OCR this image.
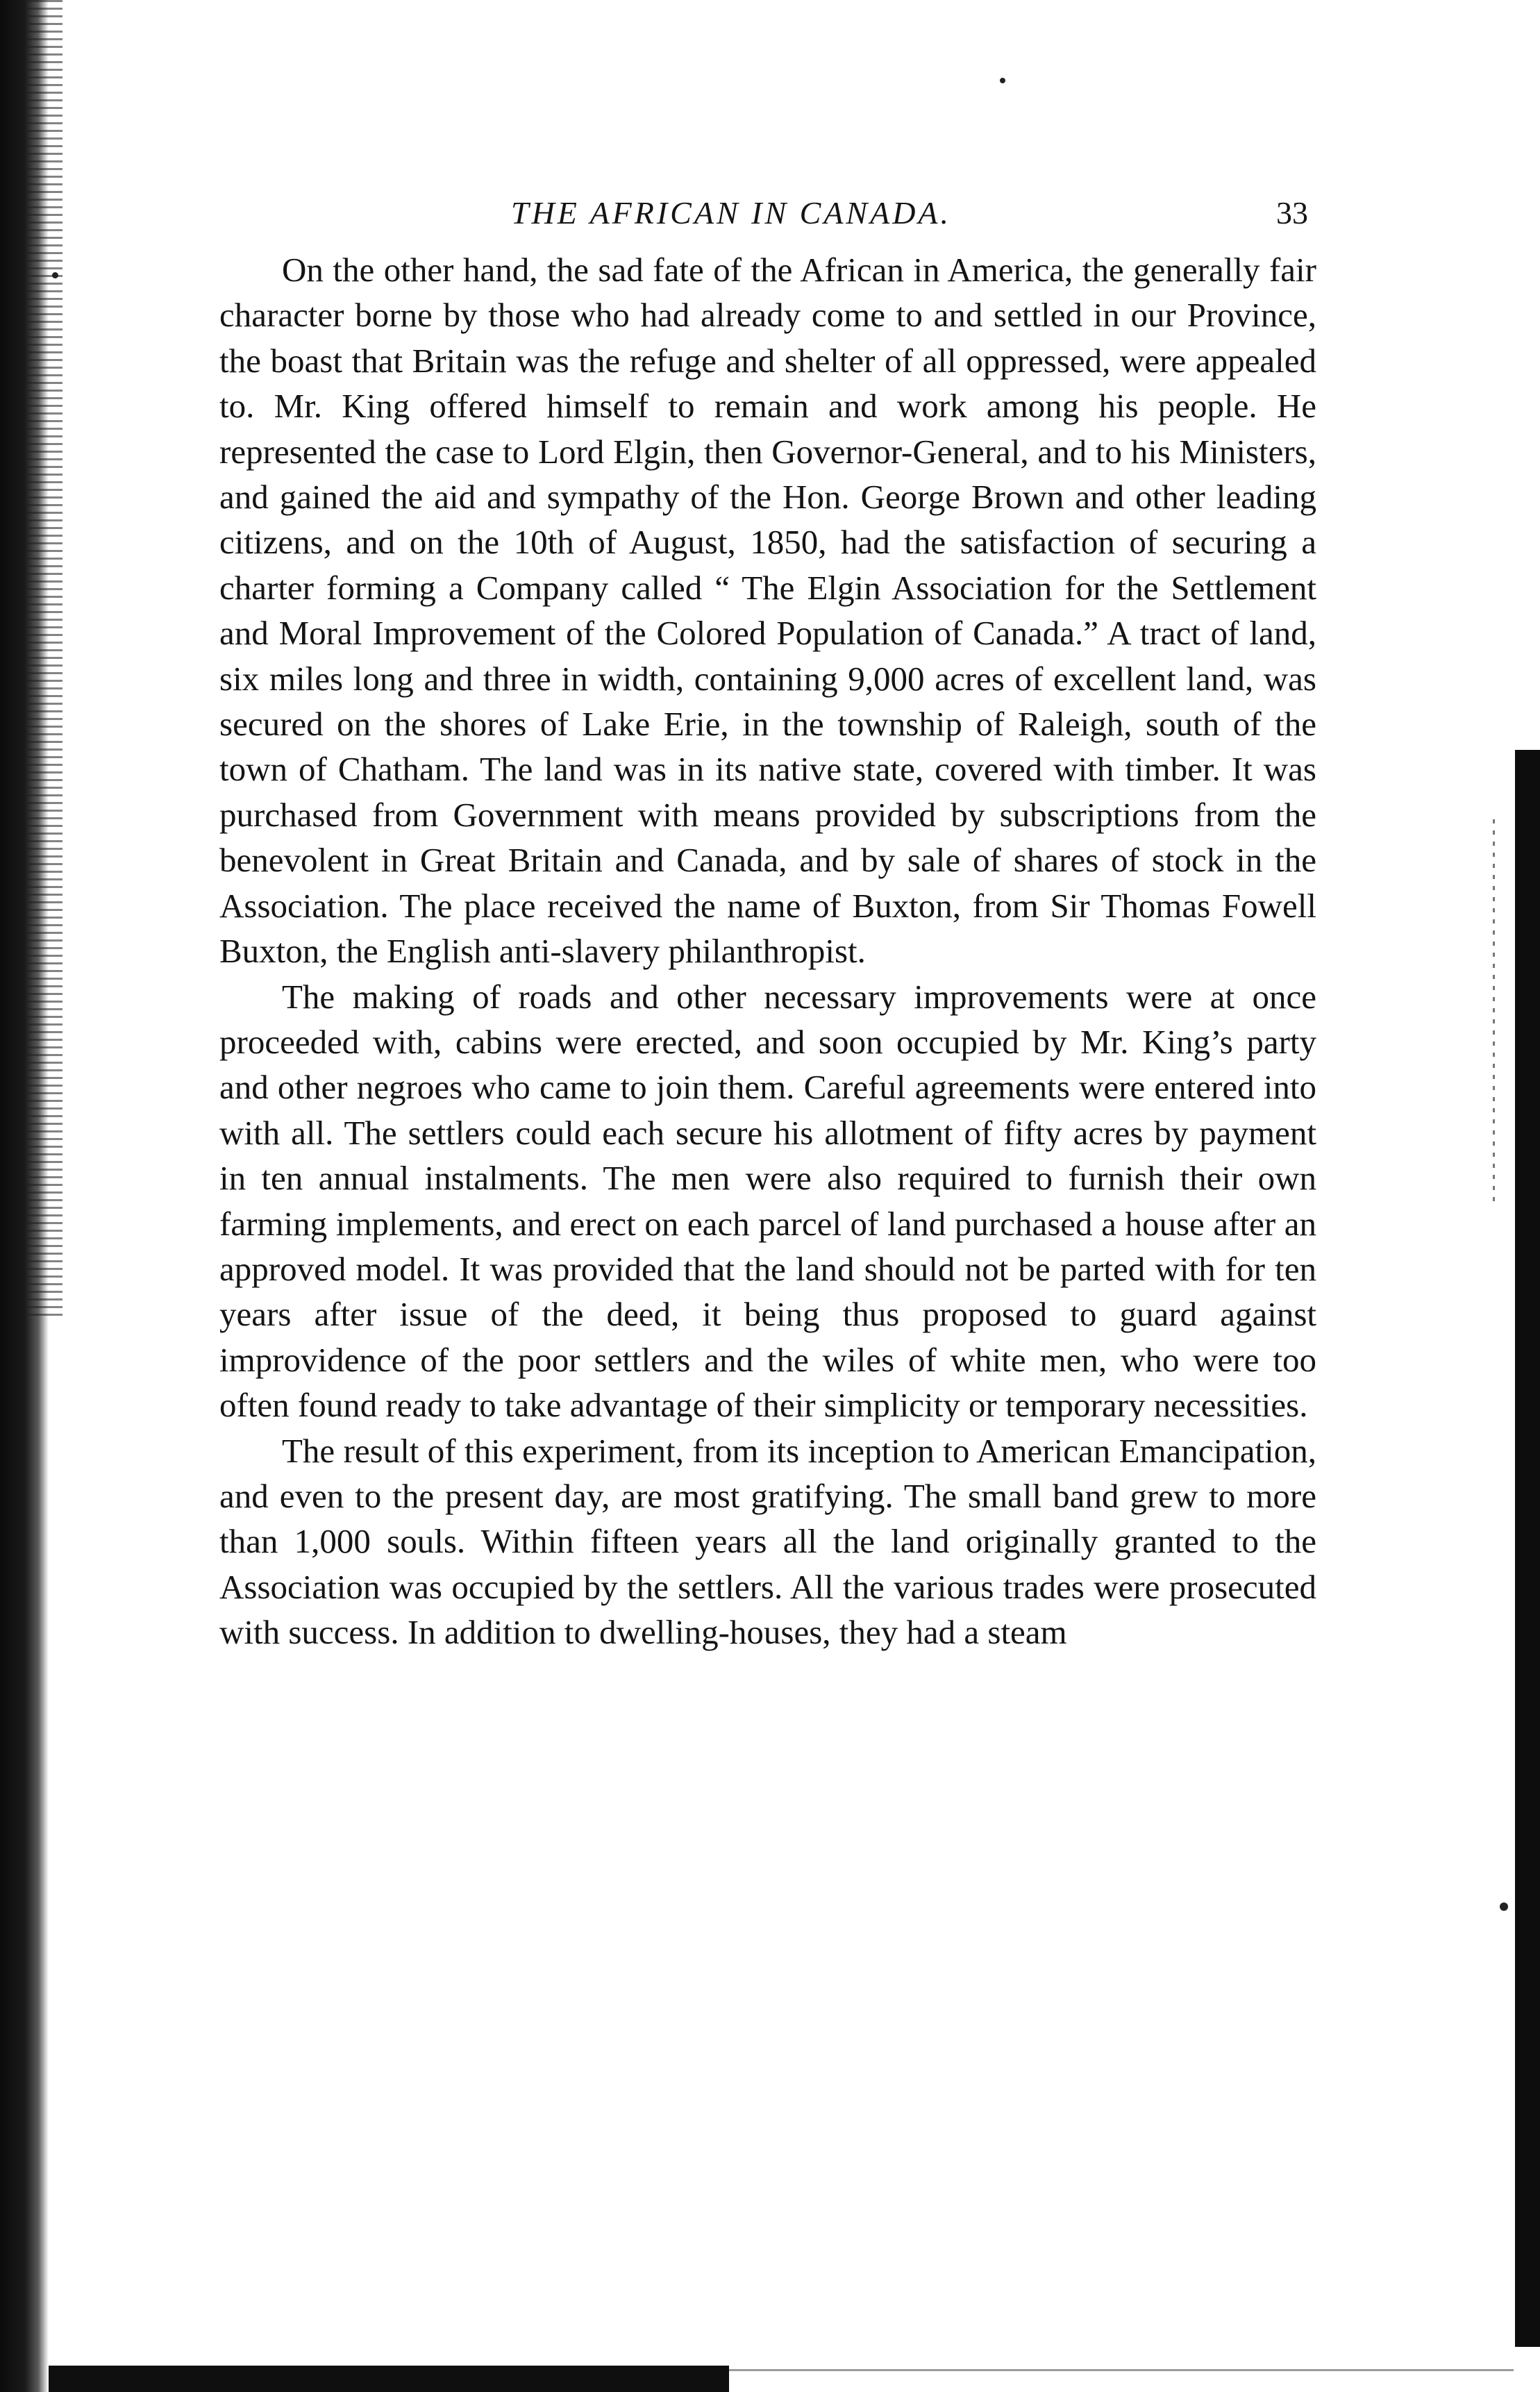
THE AFRICAN IN CANADA.	33

On the other hand, the sad fate of the African in America, the generally fair character borne by those who had already come to and settled in our Province, the boast that Britain was the refuge and shelter of all oppressed, were appealed to. Mr. King offered himself to remain and work among his people. He represented the case to Lord Elgin, then Governor-General, and to his Ministers, and gained the aid and sympathy of the Hon. George Brown and other leading citizens, and on the 10th of August, 1850, had the satisfaction of securing a charter forming a Company called “ The Elgin Association for the Settlement and Moral Improvement of the Colored Population of Canada.” A tract of land, six miles long and three in width, containing 9,000 acres of excellent land, was secured on the shores of Lake Erie, in the township of Raleigh, south of the town of Chatham. The land was in its native state, covered with timber. It was purchased from Government with means provided by subscriptions from the benevolent in Great Britain and Canada, and by sale of shares of stock in the Association. The place received the name of Buxton, from Sir Thomas Fowell Buxton, the English anti-slavery philanthropist.

The making of roads and other necessary improvements were at once proceeded with, cabins were erected, and soon occupied by Mr. King’s party and other negroes who came to join them. Careful agreements were entered into with all. The settlers could each secure his allotment of fifty acres by payment in ten annual instalments. The men were also required to furnish their own farming implements, and erect on each parcel of land purchased a house after an approved model. It was provided that the land should not be parted with for ten years after issue of the deed, it being thus proposed to guard against improvidence of the poor settlers and the wiles of white men, who were too often found ready to take advantage of their simplicity or temporary necessities.

The result of this experiment, from its inception to American Emancipation, and even to the present day, are most gratifying. The small band grew to more than 1,000 souls. Within fifteen years all the land originally granted to the Association was occupied by the settlers. All the various trades were prosecuted with success. In addition to dwelling-houses, they had a steam
